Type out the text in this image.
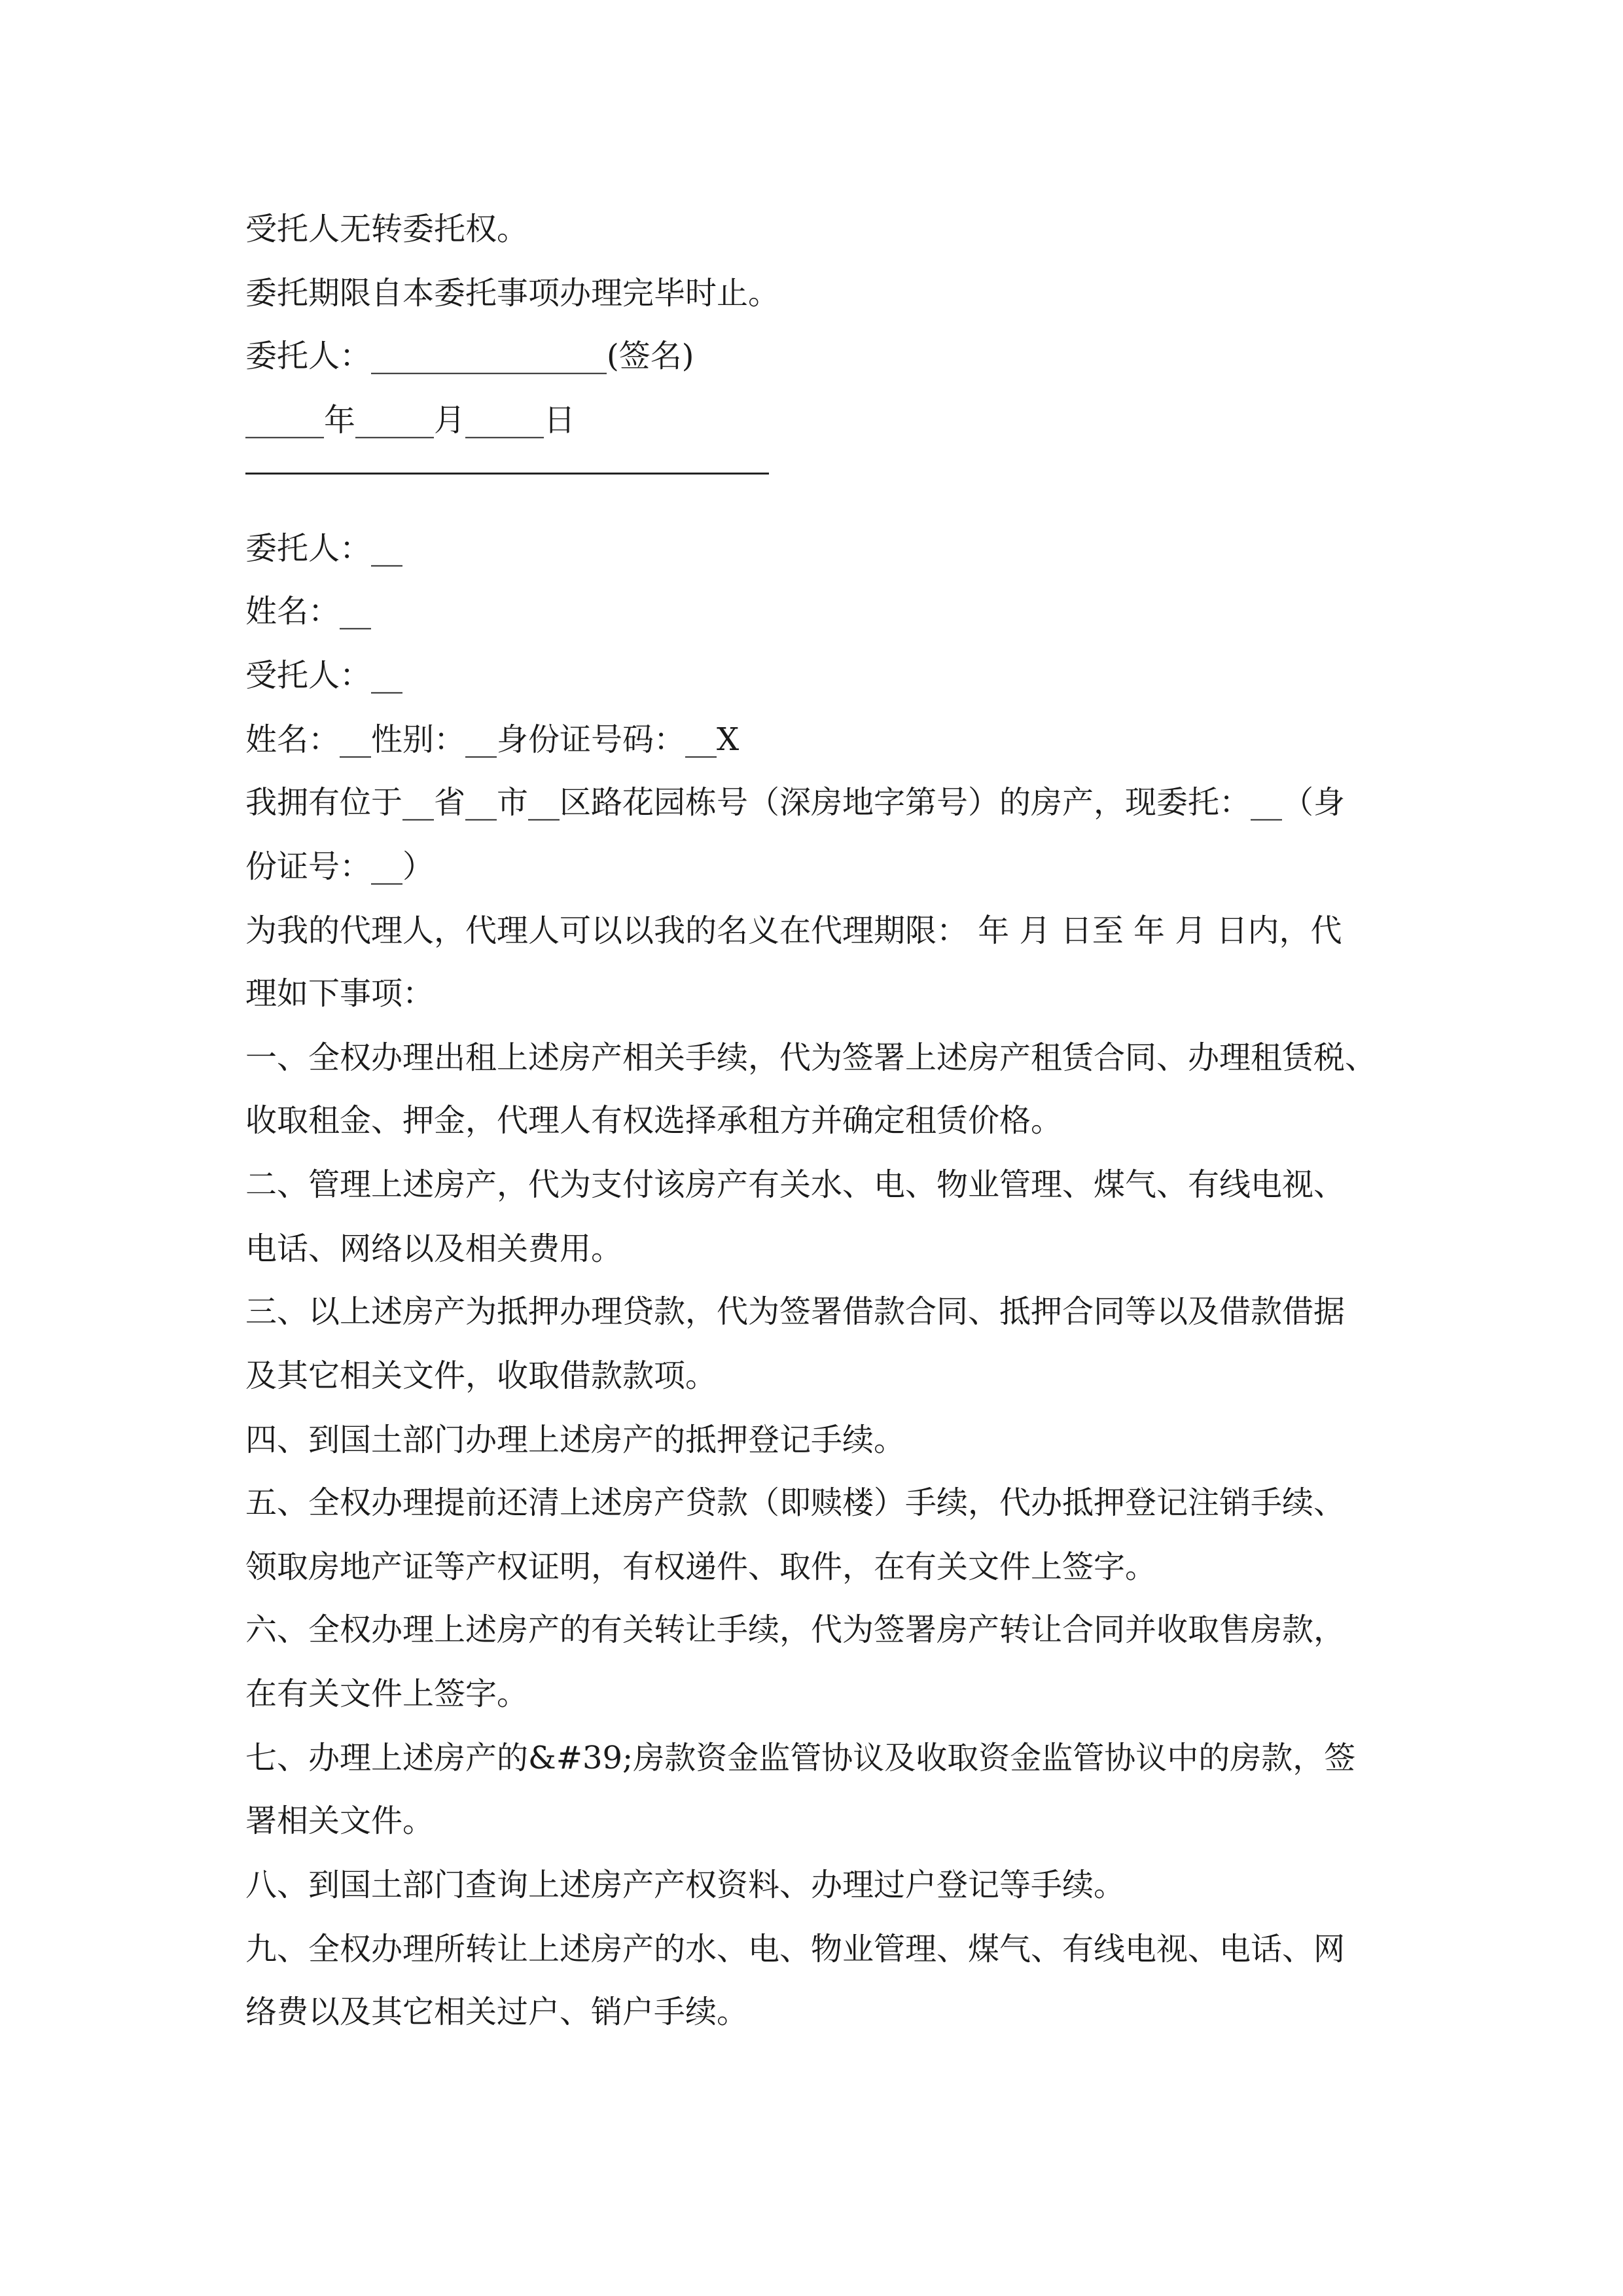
受托人无转委托权。
委托期限自本委托事项办理完毕时止。
委托人：_______________(签名)
_____年_____月_____日
委托人：__
姓名：__
受托人：__
姓名：__性别：__身份证号码：__X
我拥有位于__省__市__区路花园栋号（深房地字第号）的房产，现委托：__（身
份证号：__）
为我的代理人，代理人可以以我的名义在代理期限： 年 月 日至 年 月 日内，代
理如下事项：
一、全权办理出租上述房产相关手续，代为签署上述房产租赁合同、办理租赁税、
收取租金、押金，代理人有权选择承租方并确定租赁价格。
二、管理上述房产，代为支付该房产有关水、电、物业管理、煤气、有线电视、
电话、网络以及相关费用。
三、以上述房产为抵押办理贷款，代为签署借款合同、抵押合同等以及借款借据
及其它相关文件，收取借款款项。
四、到国土部门办理上述房产的抵押登记手续。
五、全权办理提前还清上述房产贷款（即赎楼）手续，代办抵押登记注销手续、
领取房地产证等产权证明，有权递件、取件，在有关文件上签字。
六、全权办理上述房产的有关转让手续，代为签署房产转让合同并收取售房款，
在有关文件上签字。
七、办理上述房产的&#39;房款资金监管协议及收取资金监管协议中的房款，签
署相关文件。
八、到国土部门查询上述房产产权资料、办理过户登记等手续。
九、全权办理所转让上述房产的水、电、物业管理、煤气、有线电视、电话、网
络费以及其它相关过户、销户手续。
